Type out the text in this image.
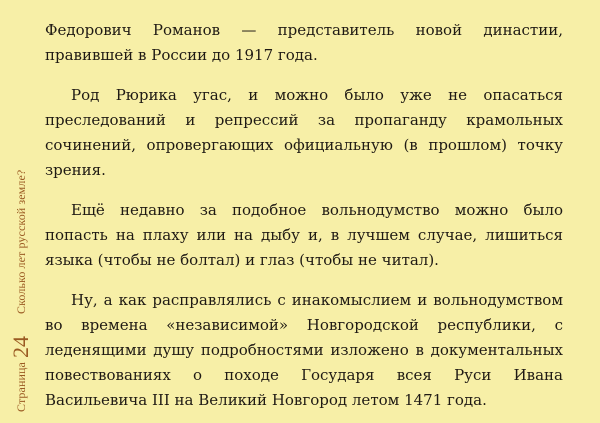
Страница
24
Сколько лет русской земле?

Федорович Романов — представитель новой династии, правившей в России до 1917 года.

Род Рюрика угас, и можно было уже не опасаться преследований и репрессий за пропаганду крамольных сочинений, опровергающих официальную (в прошлом) точку зрения.

Ещё недавно за подобное вольнодумство можно было попасть на плаху или на дыбу и, в лучшем случае, лишиться языка (чтобы не болтал) и глаз (чтобы не читал).

Ну, а как расправлялись с инакомыслием и вольнодумством во времена «независимой» Новгородской республики, с леденящими душу подробностями изложено в документальных повествованиях о походе Государя всея Руси Ивана Васильевича III на Великий Новгород летом 1471 года.
